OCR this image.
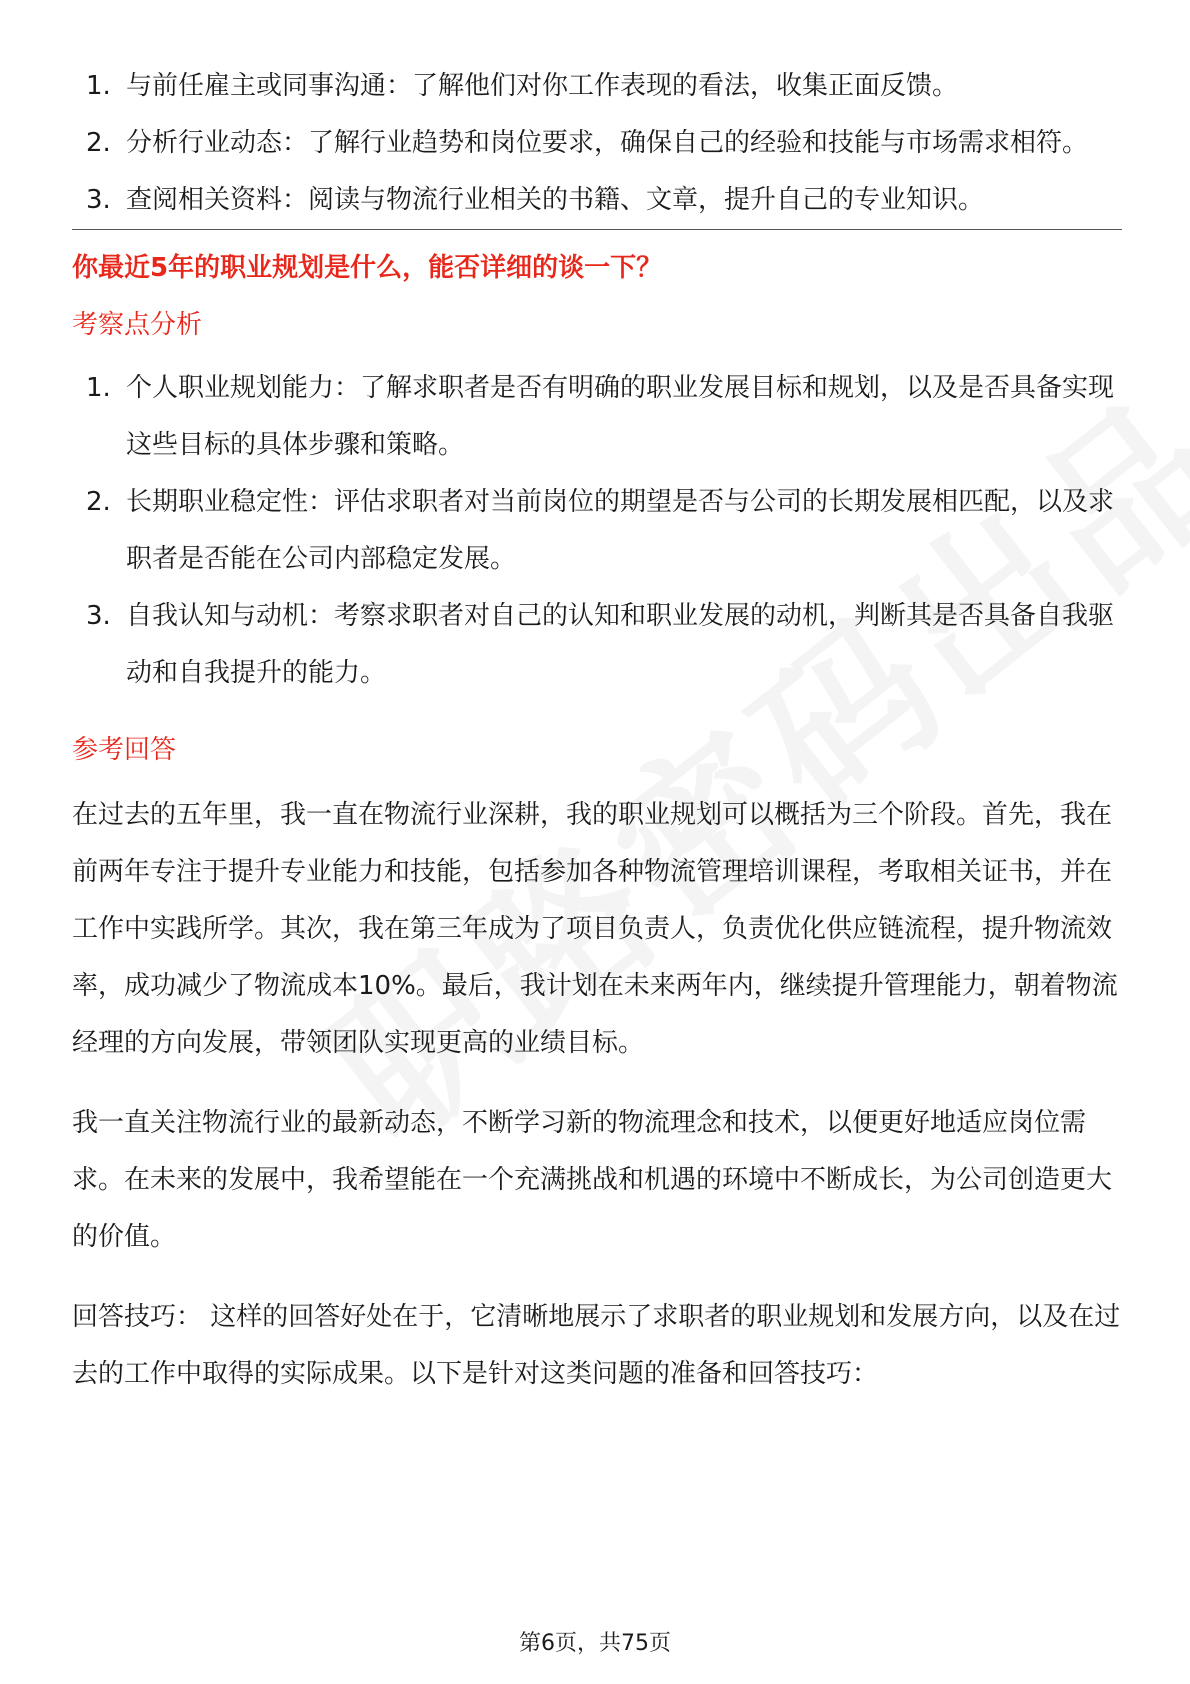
1. 与前任雇主或同事沟通：了解他们对你工作表现的看法，收集正面反馈。
2. 分析行业动态：了解行业趋势和岗位要求，确保自己的经验和技能与市场需求相符。
3. 查阅相关资料：阅读与物流行业相关的书籍、文章，提升自己的专业知识。
你最近5年的职业规划是什么，能否详细的谈一下？
考察点分析
1. 个人职业规划能力：了解求职者是否有明确的职业发展目标和规划，以及是否具备实现这些目标的具体步骤和策略。
2. 长期职业稳定性：评估求职者对当前岗位的期望是否与公司的长期发展相匹配，以及求职者是否能在公司内部稳定发展。
3. 自我认知与动机：考察求职者对自己的认知和职业发展的动机，判断其是否具备自我驱动和自我提升的能力。
参考回答

在过去的五年里，我一直在物流行业深耕，我的职业规划可以概括为三个阶段。首先，我在前两年专注于提升专业能力和技能，包括参加各种物流管理培训课程，考取相关证书，并在工作中实践所学。其次，我在第三年成为了项目负责人，负责优化供应链流程，提升物流效率，成功减少了物流成本10%。最后，我计划在未来两年内，继续提升管理能力，朝着物流经理的方向发展，带领团队实现更高的业绩目标。

我一直关注物流行业的最新动态，不断学习新的物流理念和技术，以便更好地适应岗位需求。在未来的发展中，我希望能在一个充满挑战和机遇的环境中不断成长，为公司创造更大的价值。

回答技巧： 这样的回答好处在于，它清晰地展示了求职者的职业规划和发展方向，以及在过去的工作中取得的实际成果。以下是针对这类问题的准备和回答技巧：

第6页，共75页
